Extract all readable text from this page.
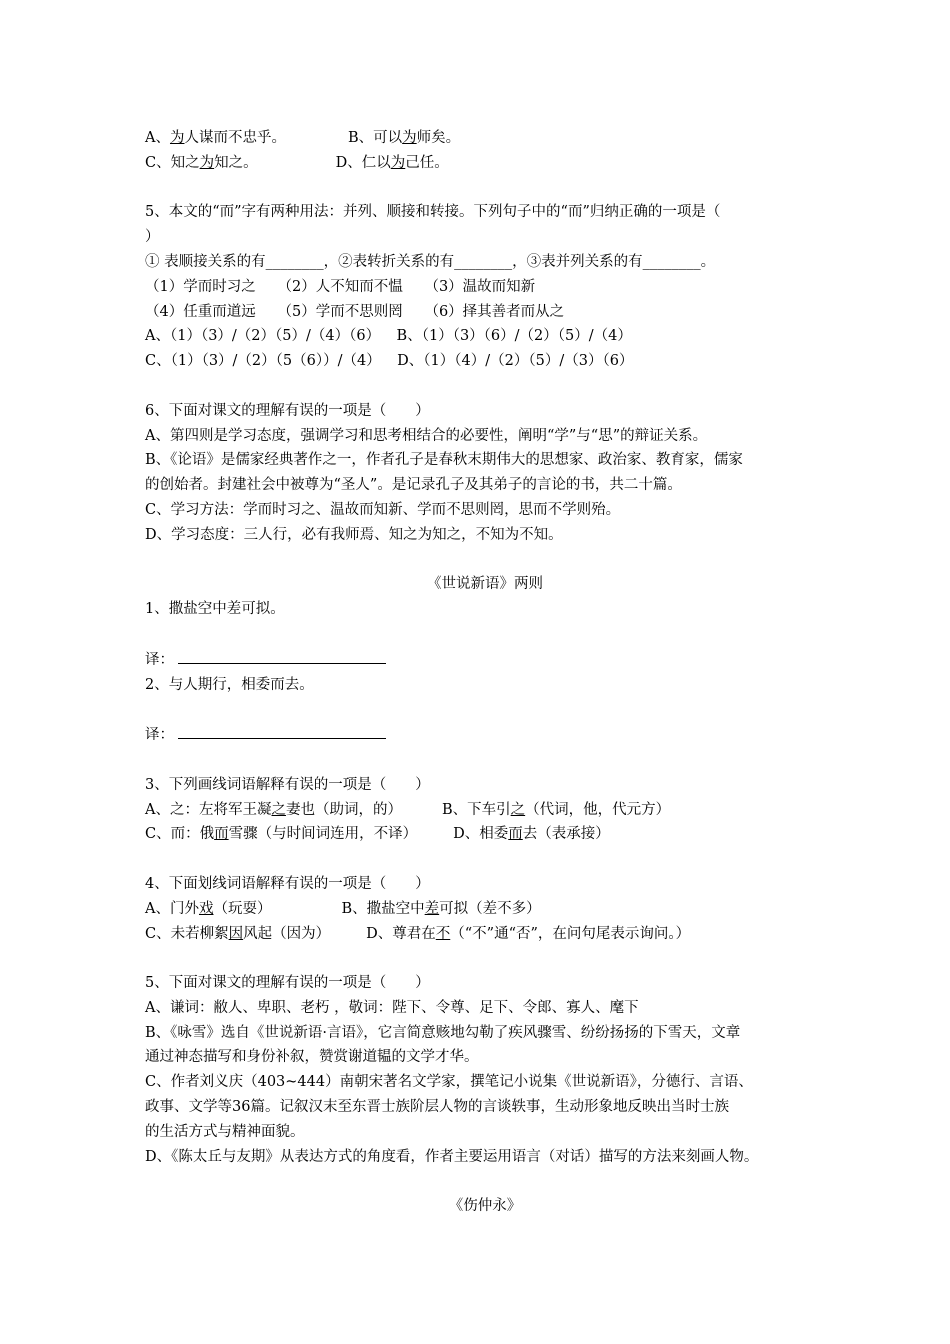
A、为人谋而不忠乎。	B、可以为师矣。
C、知之为知之。	D、仁以为己任。
5、本文的“而”字有两种用法：并列、顺接和转接。下列句子中的“而”归纳正确的一项是（
）
① 表顺接关系的有________，②表转折关系的有________，③表并列关系的有________。
（1）学而时习之　　（2）人不知而不愠　　（3）温故而知新
（4）任重而道远　　（5）学而不思则罔　　（6）择其善者而从之
A、（1）（3）/（2）（5）/（4）（6）　  B、（1）（3）（6）/（2）（5）/（4）
C、（1）（3）/（2）（5（6））/（4）　  D、（1）（4）/（2）（5）/（3）（6）
6、下面对课文的理解有误的一项是（　　）
A、第四则是学习态度，强调学习和思考相结合的必要性，阐明“学”与“思”的辩证关系。
B、《论语》是儒家经典著作之一，作者孔子是春秋末期伟大的思想家、政治家、教育家，儒家
的创始者。封建社会中被尊为“圣人”。是记录孔子及其弟子的言论的书，共二十篇。
C、学习方法：学而时习之、温故而知新、学而不思则罔，思而不学则殆。
D、学习态度：三人行，必有我师焉、知之为知之，不知为不知。
《世说新语》两则
1、撒盐空中差可拟。
译：
2、与人期行，相委而去。
译：
3、下列画线词语解释有误的一项是（　　）
A、之：左将军王凝之妻也（助词，的）	B、下车引之（代词，他，代元方）
C、而：俄而雪骤（与时间词连用，不译） D、相委而去（表承接）
4、下面划线词语解释有误的一项是（　　）
A、门外戏（玩耍）	B、撒盐空中差可拟（差不多）
C、未若柳絮因风起（因为） D、尊君在不（“不”通“否”，在问句尾表示询问。）
5、下面对课文的理解有误的一项是（　　）
A、谦词：敝人、卑职、老朽 ，敬词：陛下、令尊、足下、令郎、寡人、麾下
B、《咏雪》选自《世说新语·言语》，它言简意赅地勾勒了疾风骤雪、纷纷扬扬的下雪天，文章
通过神态描写和身份补叙，赞赏谢道韫的文学才华。
C、作者刘义庆（403~444）南朝宋著名文学家，撰笔记小说集《世说新语》，分德行、言语、
政事、文学等36篇。记叙汉末至东晋士族阶层人物的言谈轶事，生动形象地反映出当时士族
的生活方式与精神面貌。
D、《陈太丘与友期》从表达方式的角度看，作者主要运用语言（对话）描写的方法来刻画人物。
《伤仲永》
